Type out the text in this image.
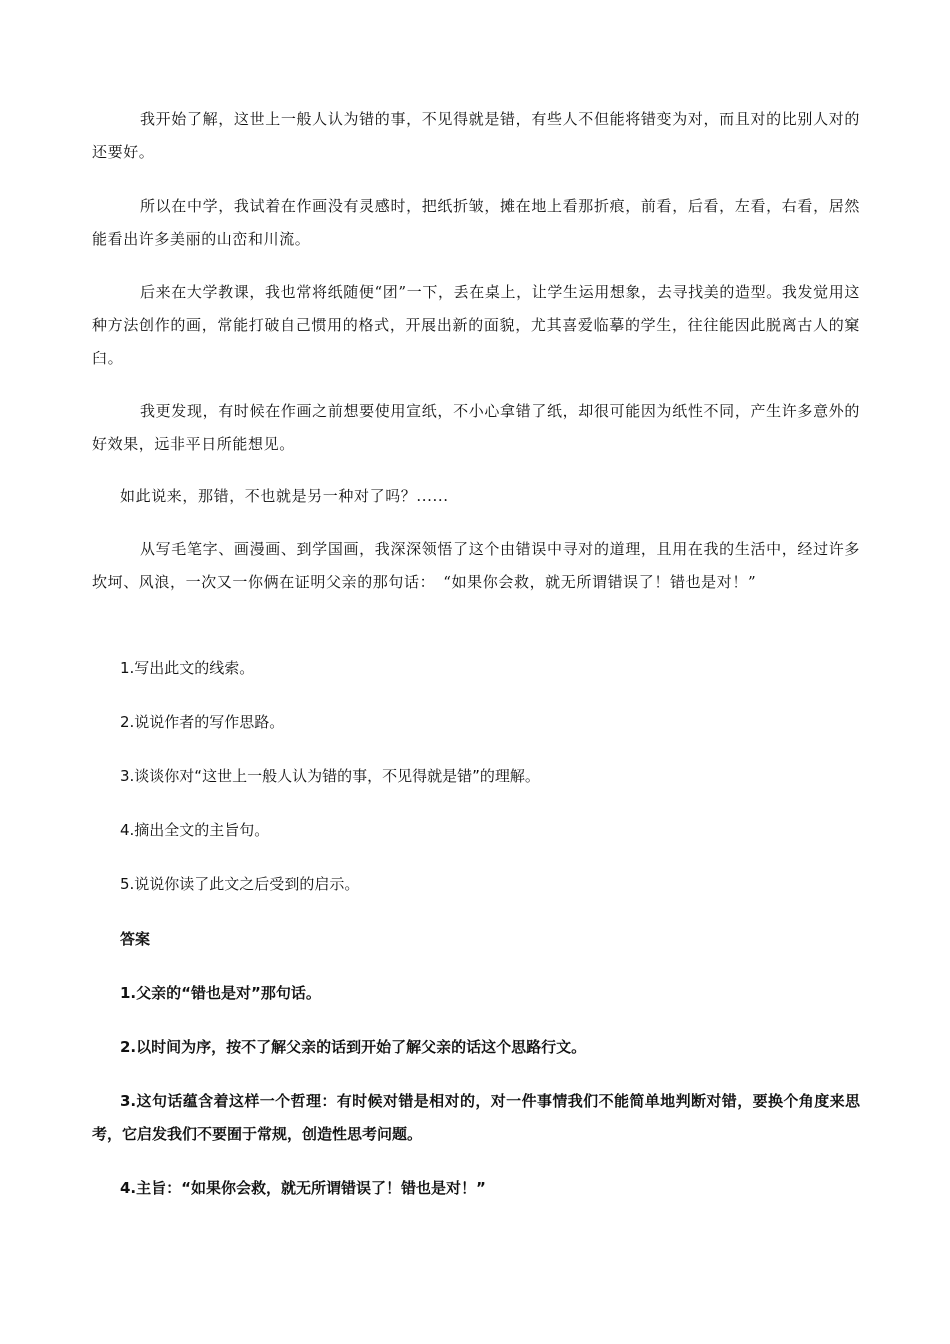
我开始了解，这世上一般人认为错的事，不见得就是错，有些人不但能将错变为对，而且对的比别人对的还要好。

所以在中学，我试着在作画没有灵感时，把纸折皱，摊在地上看那折痕，前看，后看，左看，右看，居然能看出许多美丽的山峦和川流。

后来在大学教课，我也常将纸随便“团”一下，丢在桌上，让学生运用想象，去寻找美的造型。我发觉用这种方法创作的画，常能打破自己惯用的格式，开展出新的面貌，尤其喜爱临摹的学生，往往能因此脱离古人的窠臼。

我更发现，有时候在作画之前想要使用宣纸，不小心拿错了纸，却很可能因为纸性不同，产生许多意外的好效果，远非平日所能想见。

如此说来，那错，不也就是另一种对了吗？......

从写毛笔字、画漫画、到学国画，我深深领悟了这个由错误中寻对的道理，且用在我的生活中，经过许多坎坷、风浪，一次又一你俩在证明父亲的那句话：　“如果你会救，就无所谓错误了！错也是对！”

1.写出此文的线索。

2.说说作者的写作思路。

3.谈谈你对“这世上一般人认为错的事，不见得就是错”的理解。

4.摘出全文的主旨句。

5.说说你读了此文之后受到的启示。

答案

1.父亲的“错也是对”那句话。

2.以时间为序，按不了解父亲的话到开始了解父亲的话这个思路行文。

3.这句话蕴含着这样一个哲理：有时候对错是相对的，对一件事情我们不能简单地判断对错，要换个角度来思考，它启发我们不要囿于常规，创造性思考问题。

4.主旨：“如果你会救，就无所谓错误了！错也是对！”
